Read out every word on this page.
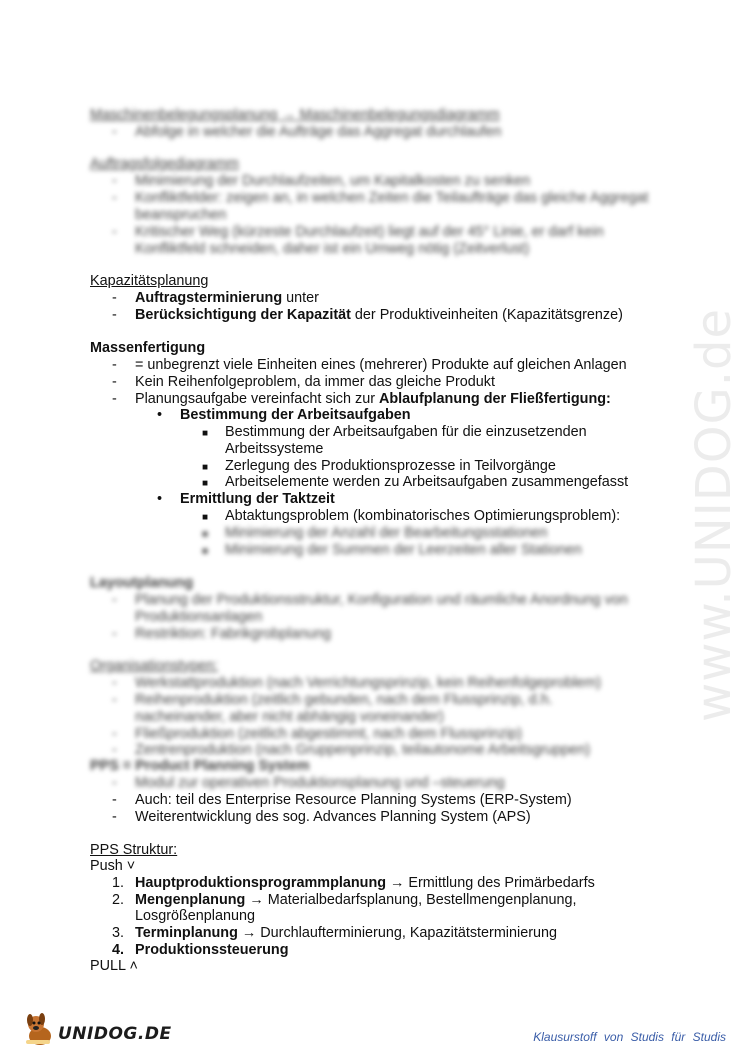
Maschinenbelegungsplanung → Maschinenbelegungsdiagramm
- Abfolge in welcher die Aufträge das Aggregat durchlaufen
Auftragsfolgediagramm
- Minimierung der Durchlaufzeiten, um Kapitalkosten zu senken
- Konfliktfelder: zeigen an, in welchen Zeiten die Teilaufträge das gleiche Aggregat
beanspruchen
- Kritischer Weg (kürzeste Durchlaufzeit) liegt auf der 45° Linie, er darf kein
Konfliktfeld schneiden, daher ist ein Umweg nötig (Zeitverlust)
Kapazitätsplanung
- Auftragsterminierung unter
- Berücksichtigung der Kapazität der Produktiveinheiten (Kapazitätsgrenze)
Massenfertigung
- = unbegrenzt viele Einheiten eines (mehrerer) Produkte auf gleichen Anlagen
- Kein Reihenfolgeproblem, da immer das gleiche Produkt
- Planungsaufgabe vereinfacht sich zur Ablaufplanung der Fließfertigung:
• Bestimmung der Arbeitsaufgaben
■ Bestimmung der Arbeitsaufgaben für die einzusetzenden
Arbeitssysteme
■ Zerlegung des Produktionsprozesse in Teilvorgänge
■ Arbeitselemente werden zu Arbeitsaufgaben zusammengefasst
• Ermittlung der Taktzeit
■ Abtaktungsproblem (kombinatorisches Optimierungsproblem):
■ Minimierung der Anzahl der Bearbeitungsstationen
■ Minimierung der Summen der Leerzeiten aller Stationen
Layoutplanung
- Planung der Produktionsstruktur, Konfiguration und räumliche Anordnung von
Produktionsanlagen
- Restriktion: Fabrikgrobplanung
Organisationstypen:
- Werkstattproduktion (nach Verrichtungsprinzip, kein Reihenfolgeproblem)
- Reihenproduktion (zeitlich gebunden, nach dem Flussprinzip, d.h.
nacheinander, aber nicht abhängig voneinander)
- Fließproduktion (zeitlich abgestimmt, nach dem Flussprinzip)
- Zentrenproduktion (nach Gruppenprinzip, teilautonome Arbeitsgruppen)
PPS = Product Planning System
- Modul zur operativen Produktionsplanung und –steuerung
- Auch: teil des Enterprise Resource Planning Systems (ERP-System)
- Weiterentwicklung des sog. Advances Planning System (APS)
PPS Struktur:
Push ˅
1. Hauptproduktionsprogrammplanung → Ermittlung des Primärbedarfs
2. Mengenplanung → Materialbedarfsplanung, Bestellmengenplanung,
Losgrößenplanung
3. Terminplanung → Durchlaufterminierung, Kapazitätsterminierung
4. Produktionssteuerung
PULL ˄
www.UNIDOG.de
UNIDOG.DE	Klausurstoff von Studis für Studis
